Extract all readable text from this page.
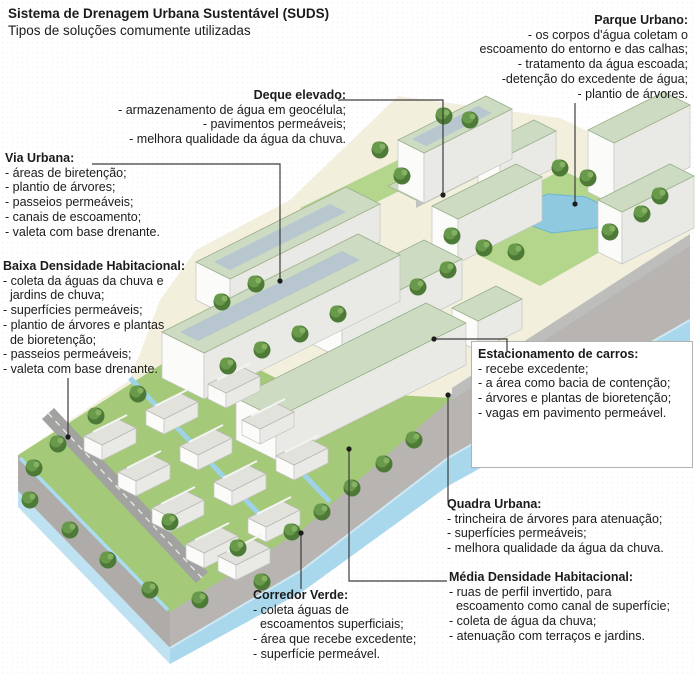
Sistema de Drenagem Urbana Sustentável (SUDS)
Tipos de soluções comumente utilizadas
Parque Urbano:
- os corpos d'água coletam o
escoamento do entorno e das calhas;
- tratamento da água escoada;
-detenção do excedente de água;
- plantio de árvores.
Deque elevado:
- armazenamento de água em geocélula;
- pavimentos permeáveis;
- melhora qualidade da água da chuva.
Via Urbana:
- áreas de biretenção;
- plantio de árvores;
- passeios permeáveis;
- canais de escoamento;
- valeta com base drenante.
Baixa Densidade Habitacional:
- coleta da águas da chuva e
jardins de chuva;
- superfícies permeáveis;
- plantio de árvores e plantas
de bioretenção;
- passeios permeáveis;
- valeta com base drenante.
Estacionamento de carros:
- recebe excedente;
- a área como bacia de contenção;
- árvores e plantas de bioretenção;
- vagas em pavimento permeável.
Quadra Urbana:
- trincheira de árvores para atenuação;
- superfícies permeáveis;
- melhora qualidade da água da chuva.
Média Densidade Habitacional:
- ruas de perfil invertido, para
escoamento como canal de superfície;
- coleta de água da chuva;
- atenuação com terraços e jardins.
Corredor Verde:
- coleta águas de
escoamentos superficiais;
- área que recebe excedente;
- superfície permeável.
